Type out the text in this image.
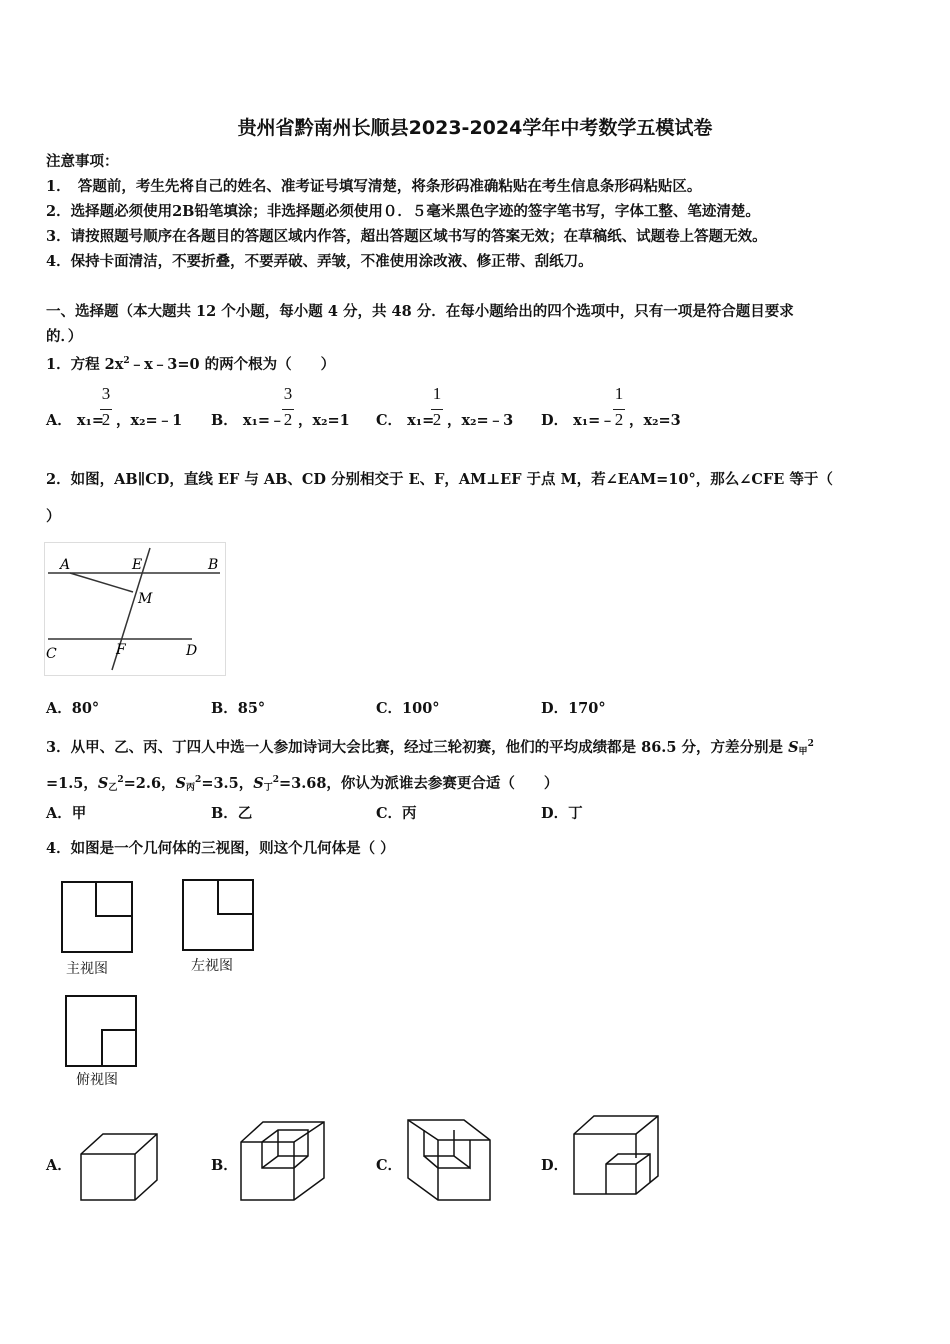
贵州省黔南州长顺县2023-2024学年中考数学五模试卷
注意事项：
1．　答题前，考生先将自己的姓名、准考证号填写清楚，将条形码准确粘贴在考生信息条形码粘贴区。
2．选择题必须使用2B铅笔填涂；非选择题必须使用０．５毫米黑色字迹的签字笔书写，字体工整、笔迹清楚。
3．请按照题号顺序在各题目的答题区域内作答，超出答题区域书写的答案无效；在草稿纸、试题卷上答题无效。
4．保持卡面清洁，不要折叠，不要弄破、弄皱，不准使用涂改液、修正带、刮纸刀。
一、选择题（本大题共 12 个小题，每小题 4 分，共 48 分．在每小题给出的四个选项中，只有一项是符合题目要求
的．）
1．方程 $2x^2﹣x﹣3=0$ 的两个根为（　　）
A． x₁=
3
2 ，x₂=﹣1 B． x₁=﹣
3
2 ，x₂=1 C． x₁=
1
2 ，x₂=﹣3 D． x₁=﹣
1
2 ，x₂=3
2．如图，AB∥CD，直线 EF 与 AB、CD 分别相交于 E、F，AM⊥EF 于点 M，若∠EAM=10°，那么∠CFE 等于（
）
A	E	B
M
C	F	D
A．80°	B．85°	C．100°	D．170°
3．从甲、乙、丙、丁四人中选一人参加诗词大会比赛，经过三轮初赛，他们的平均成绩都是 86.5 分，方差分别是 $S_甲^2$
=1.5，$S_乙^2=2.6$，$S_丙^2=3.5$，$S_丁^2=3.68$，你认为派谁去参赛更合适（　　）
A．甲	B．乙	C．丙	D．丁
4．如图是一个几何体的三视图，则这个几何体是（ ）
主视图	左视图
俯视图
A．	B．	C．	D．
